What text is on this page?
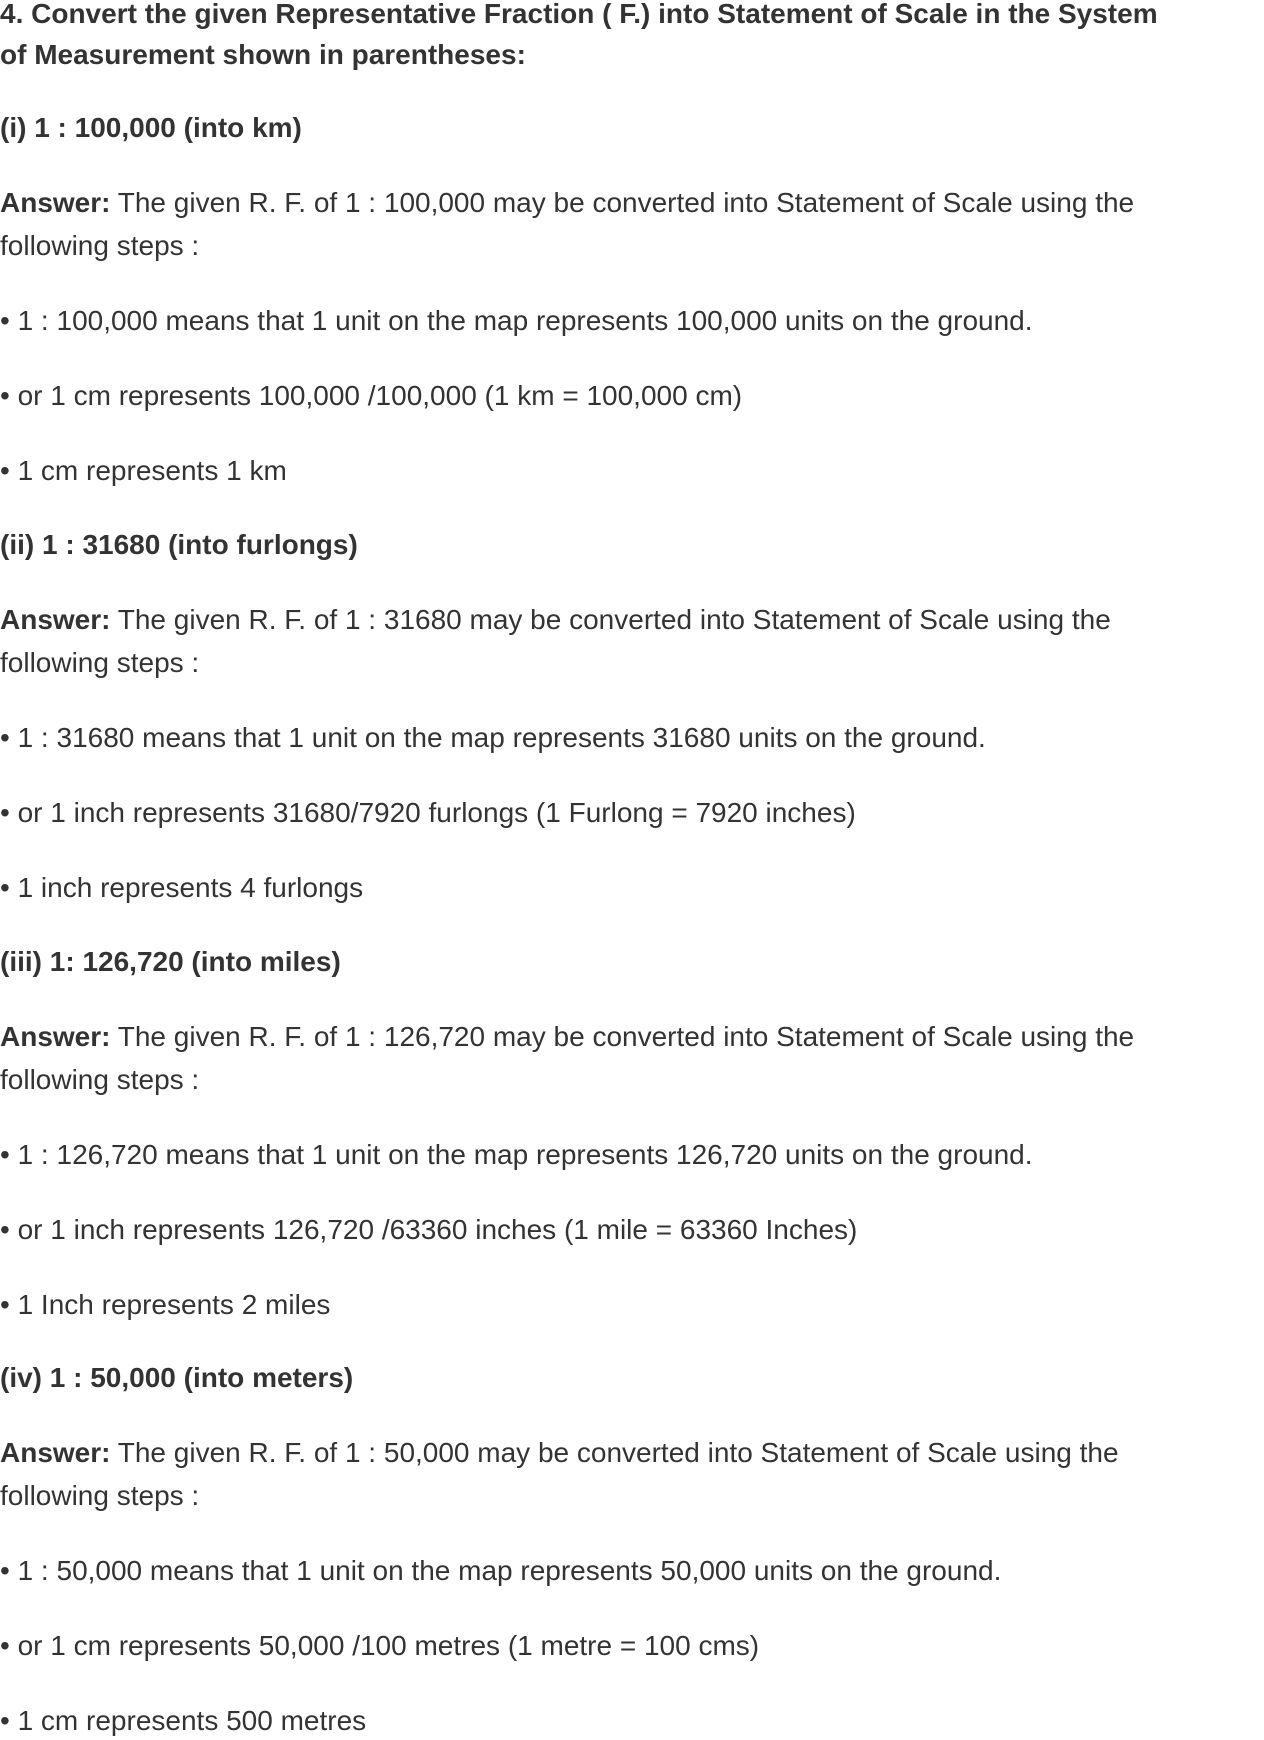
4. Convert the given Representative Fraction ( F.) into Statement of Scale in the System
of Measurement shown in parentheses:
(i) 1 : 100,000 (into km)
Answer: The given R. F. of 1 : 100,000 may be converted into Statement of Scale using the
following steps :
• 1 : 100,000 means that 1 unit on the map represents 100,000 units on the ground.
• or 1 cm represents 100,000 /100,000 (1 km = 100,000 cm)
• 1 cm represents 1 km
(ii) 1 : 31680 (into furlongs)
Answer: The given R. F. of 1 : 31680 may be converted into Statement of Scale using the
following steps :
• 1 : 31680 means that 1 unit on the map represents 31680 units on the ground.
• or 1 inch represents 31680/7920 furlongs (1 Furlong = 7920 inches)
• 1 inch represents 4 furlongs
(iii) 1: 126,720 (into miles)
Answer: The given R. F. of 1 : 126,720 may be converted into Statement of Scale using the
following steps :
• 1 : 126,720 means that 1 unit on the map represents 126,720 units on the ground.
• or 1 inch represents 126,720 /63360 inches (1 mile = 63360 Inches)
• 1 Inch represents 2 miles
(iv) 1 : 50,000 (into meters)
Answer: The given R. F. of 1 : 50,000 may be converted into Statement of Scale using the
following steps :
• 1 : 50,000 means that 1 unit on the map represents 50,000 units on the ground.
• or 1 cm represents 50,000 /100 metres (1 metre = 100 cms)
• 1 cm represents 500 metres
